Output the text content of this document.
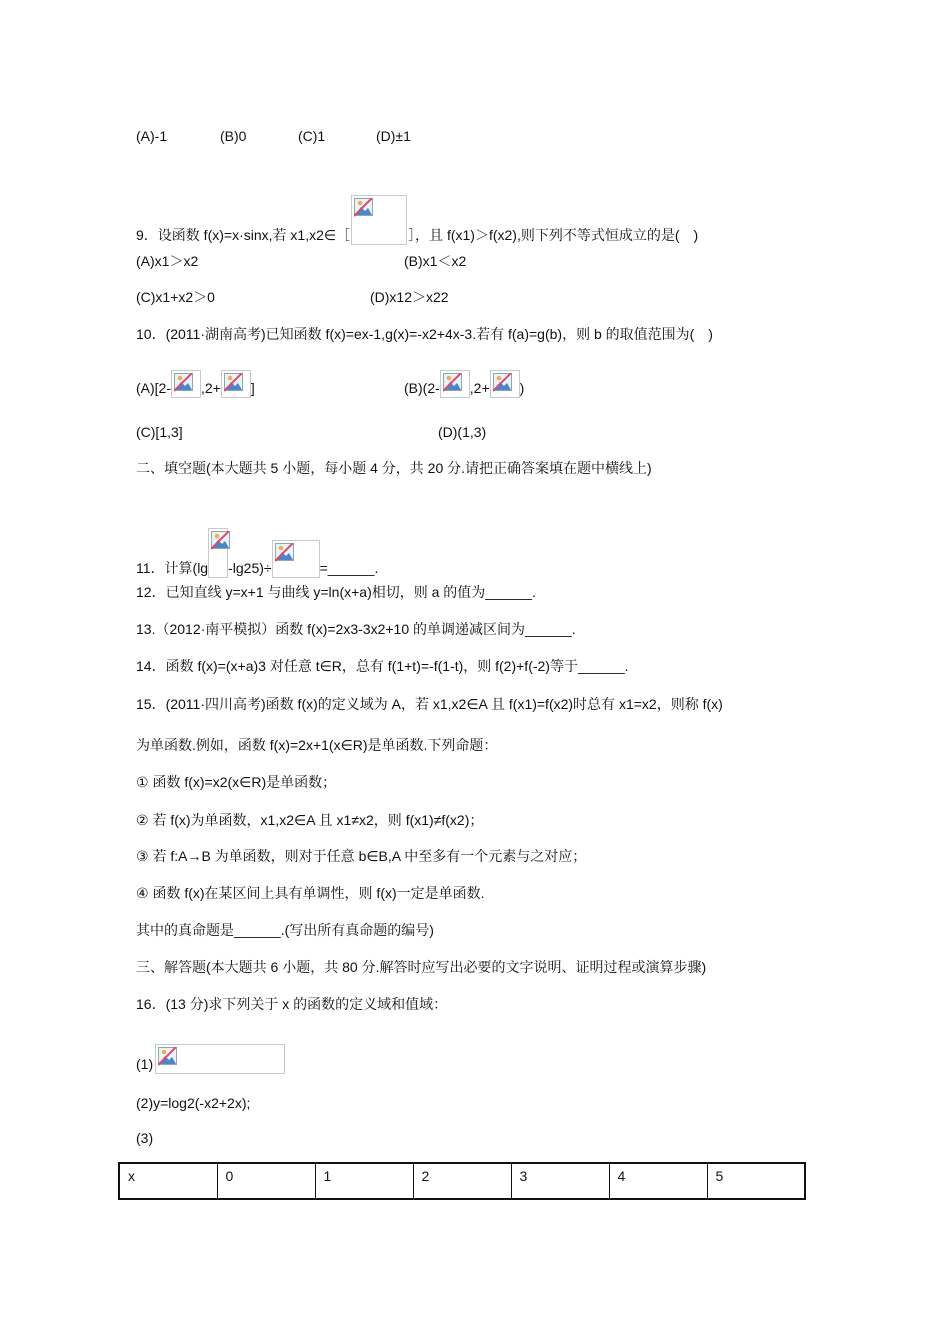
(A)-1	(B)0	(C)1	(D)±1
9．设函数 f(x)=x·sinx,若 x1,x2∈［	］，且 f(x1)＞f(x2),则下列不等式恒成立的是(　)
(A)x1＞x2	(B)x1＜x2
(C)x1+x2＞0	(D)x12＞x22
10．(2011·湖南高考)已知函数 f(x)=ex-1,g(x)=-x2+4x-3.若有 f(a)=g(b)，则 b 的取值范围为(　)
(A)[2- ,2+ ]	(B)(2- ,2+ )
(C)[1,3]	(D)(1,3)
二、填空题(本大题共 5 小题，每小题 4 分，共 20 分.请把正确答案填在题中横线上)
11．计算(lg -lg25)÷	=______.
12．已知直线 y=x+1 与曲线 y=ln(x+a)相切，则 a 的值为______.
13.（2012·南平模拟）函数 f(x)=2x3-3x2+10 的单调递减区间为______.
14．函数 f(x)=(x+a)3 对任意 t∈R，总有 f(1+t)=-f(1-t)，则 f(2)+f(-2)等于______.
15．(2011·四川高考)函数 f(x)的定义域为 A，若 x1,x2∈A 且 f(x1)=f(x2)时总有 x1=x2，则称 f(x)
为单函数.例如，函数 f(x)=2x+1(x∈R)是单函数.下列命题：
① 函数 f(x)=x2(x∈R)是单函数；
② 若 f(x)为单函数，x1,x2∈A 且 x1≠x2，则 f(x1)≠f(x2)；
③ 若 f:A→B 为单函数，则对于任意 b∈B,A 中至多有一个元素与之对应；
④ 函数 f(x)在某区间上具有单调性，则 f(x)一定是单函数.
其中的真命题是______.(写出所有真命题的编号)
三、解答题(本大题共 6 小题，共 80 分.解答时应写出必要的文字说明、证明过程或演算步骤)
16．(13 分)求下列关于 x 的函数的定义域和值域：
(1)
(2)y=log2(-x2+2x);
(3)
x	0	1	2	3	4	5
